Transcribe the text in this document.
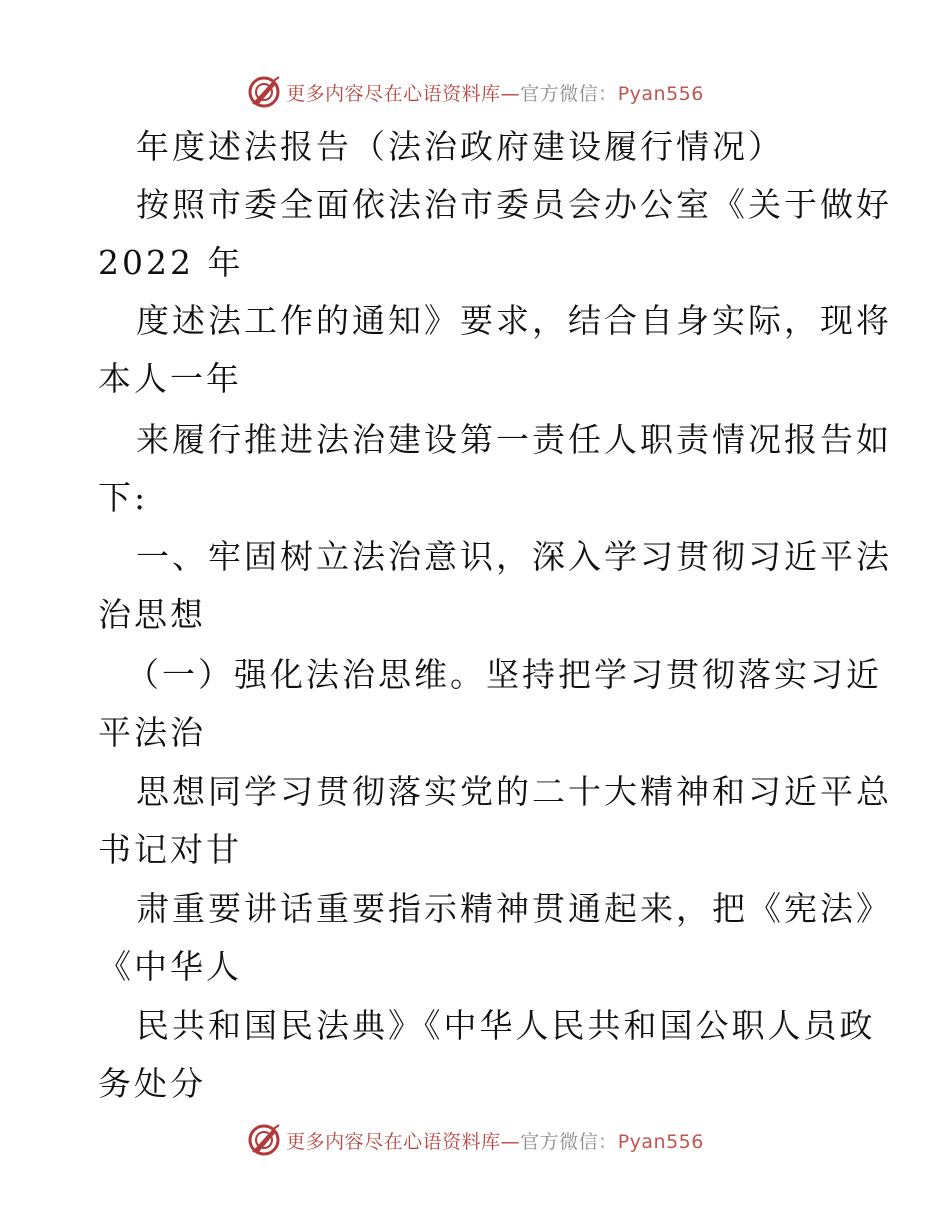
更多内容尽在心语资料库—官方微信：Pyan556
年度述法报告（法治政府建设履行情况）
按照市委全面依法治市委员会办公室《关于做好
2022 年
度述法工作的通知》要求，结合自身实际，现将
本人一年
来履行推进法治建设第一责任人职责情况报告如
下:
一、牢固树立法治意识，深入学习贯彻习近平法
治思想
（一）强化法治思维。坚持把学习贯彻落实习近
平法治
思想同学习贯彻落实党的二十大精神和习近平总
书记对甘
肃重要讲话重要指示精神贯通起来，把《宪法》
《中华人
民共和国民法典》《中华人民共和国公职人员政
务处分
更多内容尽在心语资料库—官方微信：Pyan556
